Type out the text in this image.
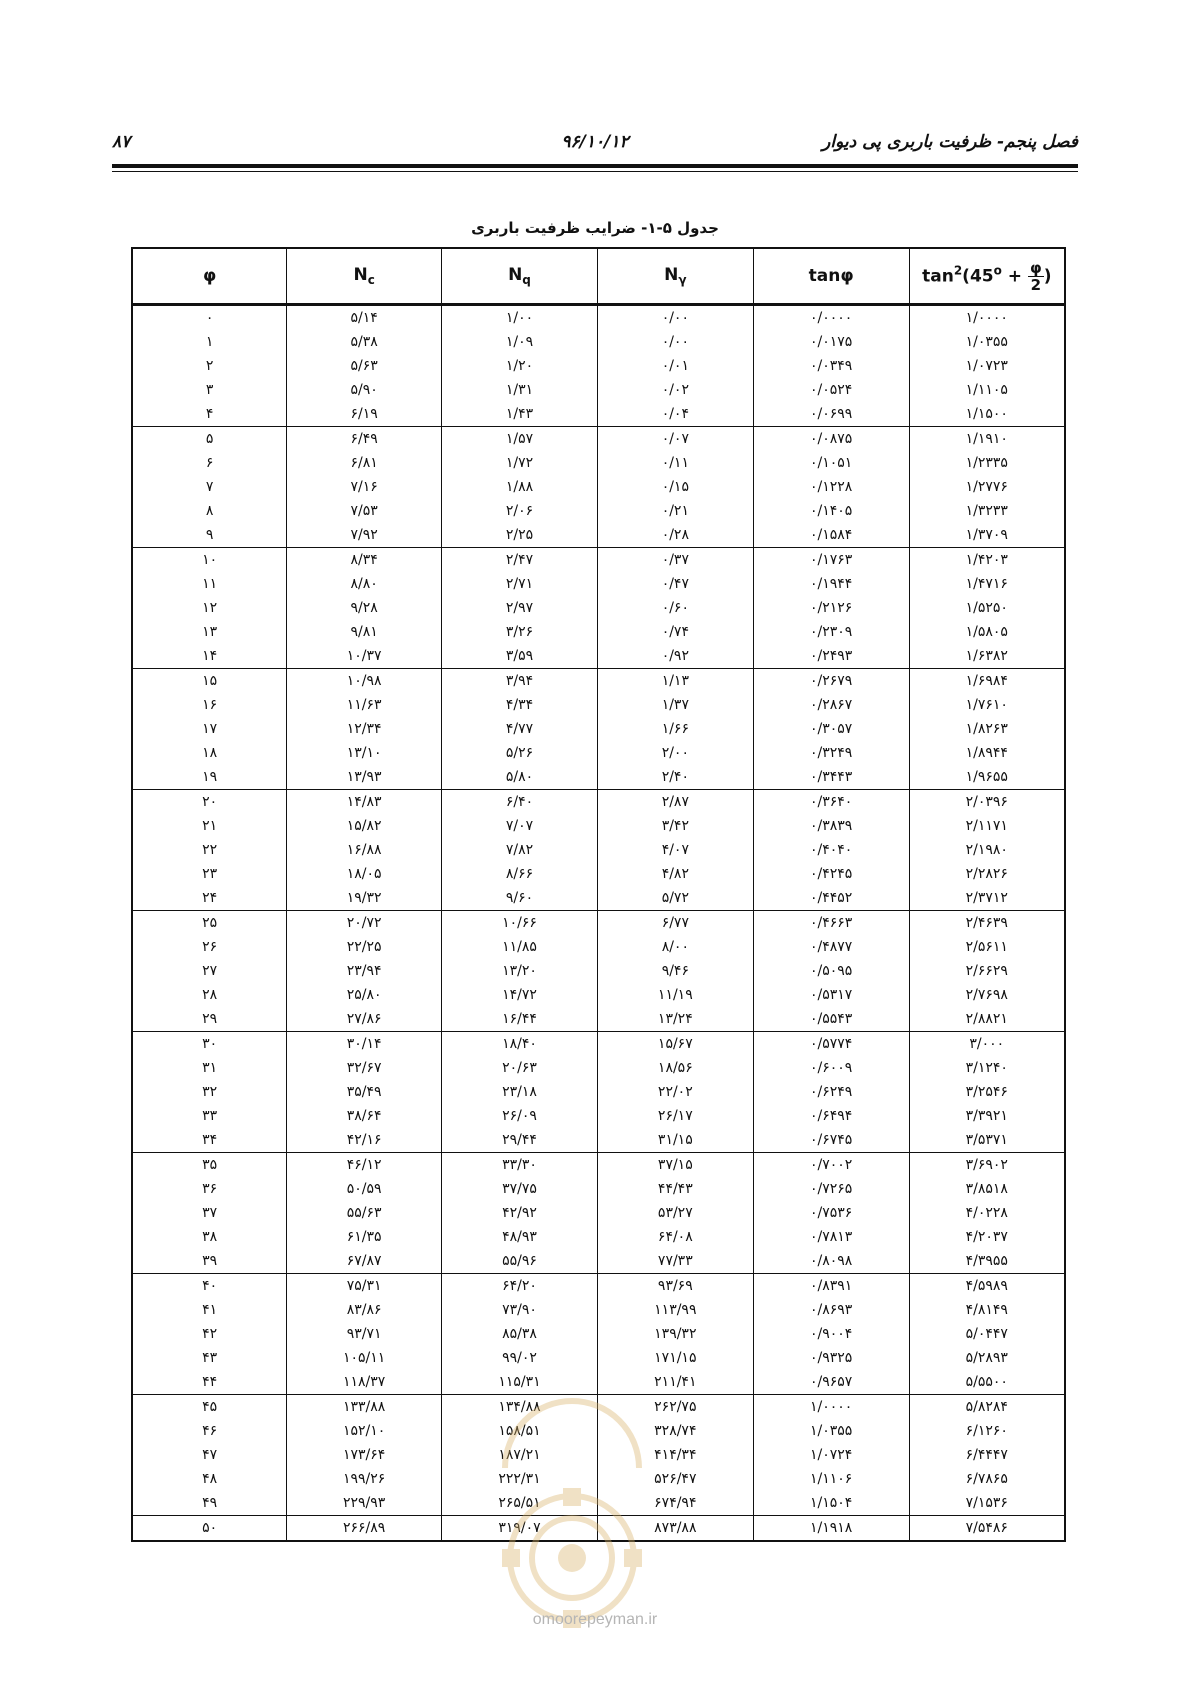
فصل پنجم- ظرفیت باربری پی دیوار
۹۶/۱۰/۱۲
۸۷
جدول ۵-۱- ضرایب ظرفیت باربری
φ	$N_c$	$N_q$	$N_\gamma$	tanφ	$\tan^2(45^o + \frac{\varphi}{2}$ )
۰	۵/۱۴	۱/۰۰	۰/۰۰	۰/۰۰۰۰	۱/۰۰۰۰
۱	۵/۳۸	۱/۰۹	۰/۰۰	۰/۰۱۷۵	۱/۰۳۵۵
۲	۵/۶۳	۱/۲۰	۰/۰۱	۰/۰۳۴۹	۱/۰۷۲۳
۳	۵/۹۰	۱/۳۱	۰/۰۲	۰/۰۵۲۴	۱/۱۱۰۵
۴	۶/۱۹	۱/۴۳	۰/۰۴	۰/۰۶۹۹	۱/۱۵۰۰
۵	۶/۴۹	۱/۵۷	۰/۰۷	۰/۰۸۷۵	۱/۱۹۱۰
۶	۶/۸۱	۱/۷۲	۰/۱۱	۰/۱۰۵۱	۱/۲۳۳۵
۷	۷/۱۶	۱/۸۸	۰/۱۵	۰/۱۲۲۸	۱/۲۷۷۶
۸	۷/۵۳	۲/۰۶	۰/۲۱	۰/۱۴۰۵	۱/۳۲۳۳
۹	۷/۹۲	۲/۲۵	۰/۲۸	۰/۱۵۸۴	۱/۳۷۰۹
۱۰	۸/۳۴	۲/۴۷	۰/۳۷	۰/۱۷۶۳	۱/۴۲۰۳
۱۱	۸/۸۰	۲/۷۱	۰/۴۷	۰/۱۹۴۴	۱/۴۷۱۶
۱۲	۹/۲۸	۲/۹۷	۰/۶۰	۰/۲۱۲۶	۱/۵۲۵۰
۱۳	۹/۸۱	۳/۲۶	۰/۷۴	۰/۲۳۰۹	۱/۵۸۰۵
۱۴	۱۰/۳۷	۳/۵۹	۰/۹۲	۰/۲۴۹۳	۱/۶۳۸۲
۱۵	۱۰/۹۸	۳/۹۴	۱/۱۳	۰/۲۶۷۹	۱/۶۹۸۴
۱۶	۱۱/۶۳	۴/۳۴	۱/۳۷	۰/۲۸۶۷	۱/۷۶۱۰
۱۷	۱۲/۳۴	۴/۷۷	۱/۶۶	۰/۳۰۵۷	۱/۸۲۶۳
۱۸	۱۳/۱۰	۵/۲۶	۲/۰۰	۰/۳۲۴۹	۱/۸۹۴۴
۱۹	۱۳/۹۳	۵/۸۰	۲/۴۰	۰/۳۴۴۳	۱/۹۶۵۵
۲۰	۱۴/۸۳	۶/۴۰	۲/۸۷	۰/۳۶۴۰	۲/۰۳۹۶
۲۱	۱۵/۸۲	۷/۰۷	۳/۴۲	۰/۳۸۳۹	۲/۱۱۷۱
۲۲	۱۶/۸۸	۷/۸۲	۴/۰۷	۰/۴۰۴۰	۲/۱۹۸۰
۲۳	۱۸/۰۵	۸/۶۶	۴/۸۲	۰/۴۲۴۵	۲/۲۸۲۶
۲۴	۱۹/۳۲	۹/۶۰	۵/۷۲	۰/۴۴۵۲	۲/۳۷۱۲
۲۵	۲۰/۷۲	۱۰/۶۶	۶/۷۷	۰/۴۶۶۳	۲/۴۶۳۹
۲۶	۲۲/۲۵	۱۱/۸۵	۸/۰۰	۰/۴۸۷۷	۲/۵۶۱۱
۲۷	۲۳/۹۴	۱۳/۲۰	۹/۴۶	۰/۵۰۹۵	۲/۶۶۲۹
۲۸	۲۵/۸۰	۱۴/۷۲	۱۱/۱۹	۰/۵۳۱۷	۲/۷۶۹۸
۲۹	۲۷/۸۶	۱۶/۴۴	۱۳/۲۴	۰/۵۵۴۳	۲/۸۸۲۱
۳۰	۳۰/۱۴	۱۸/۴۰	۱۵/۶۷	۰/۵۷۷۴	۳/۰۰۰
۳۱	۳۲/۶۷	۲۰/۶۳	۱۸/۵۶	۰/۶۰۰۹	۳/۱۲۴۰
۳۲	۳۵/۴۹	۲۳/۱۸	۲۲/۰۲	۰/۶۲۴۹	۳/۲۵۴۶
۳۳	۳۸/۶۴	۲۶/۰۹	۲۶/۱۷	۰/۶۴۹۴	۳/۳۹۲۱
۳۴	۴۲/۱۶	۲۹/۴۴	۳۱/۱۵	۰/۶۷۴۵	۳/۵۳۷۱
۳۵	۴۶/۱۲	۳۳/۳۰	۳۷/۱۵	۰/۷۰۰۲	۳/۶۹۰۲
۳۶	۵۰/۵۹	۳۷/۷۵	۴۴/۴۳	۰/۷۲۶۵	۳/۸۵۱۸
۳۷	۵۵/۶۳	۴۲/۹۲	۵۳/۲۷	۰/۷۵۳۶	۴/۰۲۲۸
۳۸	۶۱/۳۵	۴۸/۹۳	۶۴/۰۸	۰/۷۸۱۳	۴/۲۰۳۷
۳۹	۶۷/۸۷	۵۵/۹۶	۷۷/۳۳	۰/۸۰۹۸	۴/۳۹۵۵
۴۰	۷۵/۳۱	۶۴/۲۰	۹۳/۶۹	۰/۸۳۹۱	۴/۵۹۸۹
۴۱	۸۳/۸۶	۷۳/۹۰	۱۱۳/۹۹	۰/۸۶۹۳	۴/۸۱۴۹
۴۲	۹۳/۷۱	۸۵/۳۸	۱۳۹/۳۲	۰/۹۰۰۴	۵/۰۴۴۷
۴۳	۱۰۵/۱۱	۹۹/۰۲	۱۷۱/۱۵	۰/۹۳۲۵	۵/۲۸۹۳
۴۴	۱۱۸/۳۷	۱۱۵/۳۱	۲۱۱/۴۱	۰/۹۶۵۷	۵/۵۵۰۰
۴۵	۱۳۳/۸۸	۱۳۴/۸۸	۲۶۲/۷۵	۱/۰۰۰۰	۵/۸۲۸۴
۴۶	۱۵۲/۱۰	۱۵۸/۵۱	۳۲۸/۷۴	۱/۰۳۵۵	۶/۱۲۶۰
۴۷	۱۷۳/۶۴	۱۸۷/۲۱	۴۱۴/۳۴	۱/۰۷۲۴	۶/۴۴۴۷
۴۸	۱۹۹/۲۶	۲۲۲/۳۱	۵۲۶/۴۷	۱/۱۱۰۶	۶/۷۸۶۵
۴۹	۲۲۹/۹۳	۲۶۵/۵۱	۶۷۴/۹۴	۱/۱۵۰۴	۷/۱۵۳۶
۵۰	۲۶۶/۸۹	۳۱۹/۰۷	۸۷۳/۸۸	۱/۱۹۱۸	۷/۵۴۸۶
omoorepeyman.ir
